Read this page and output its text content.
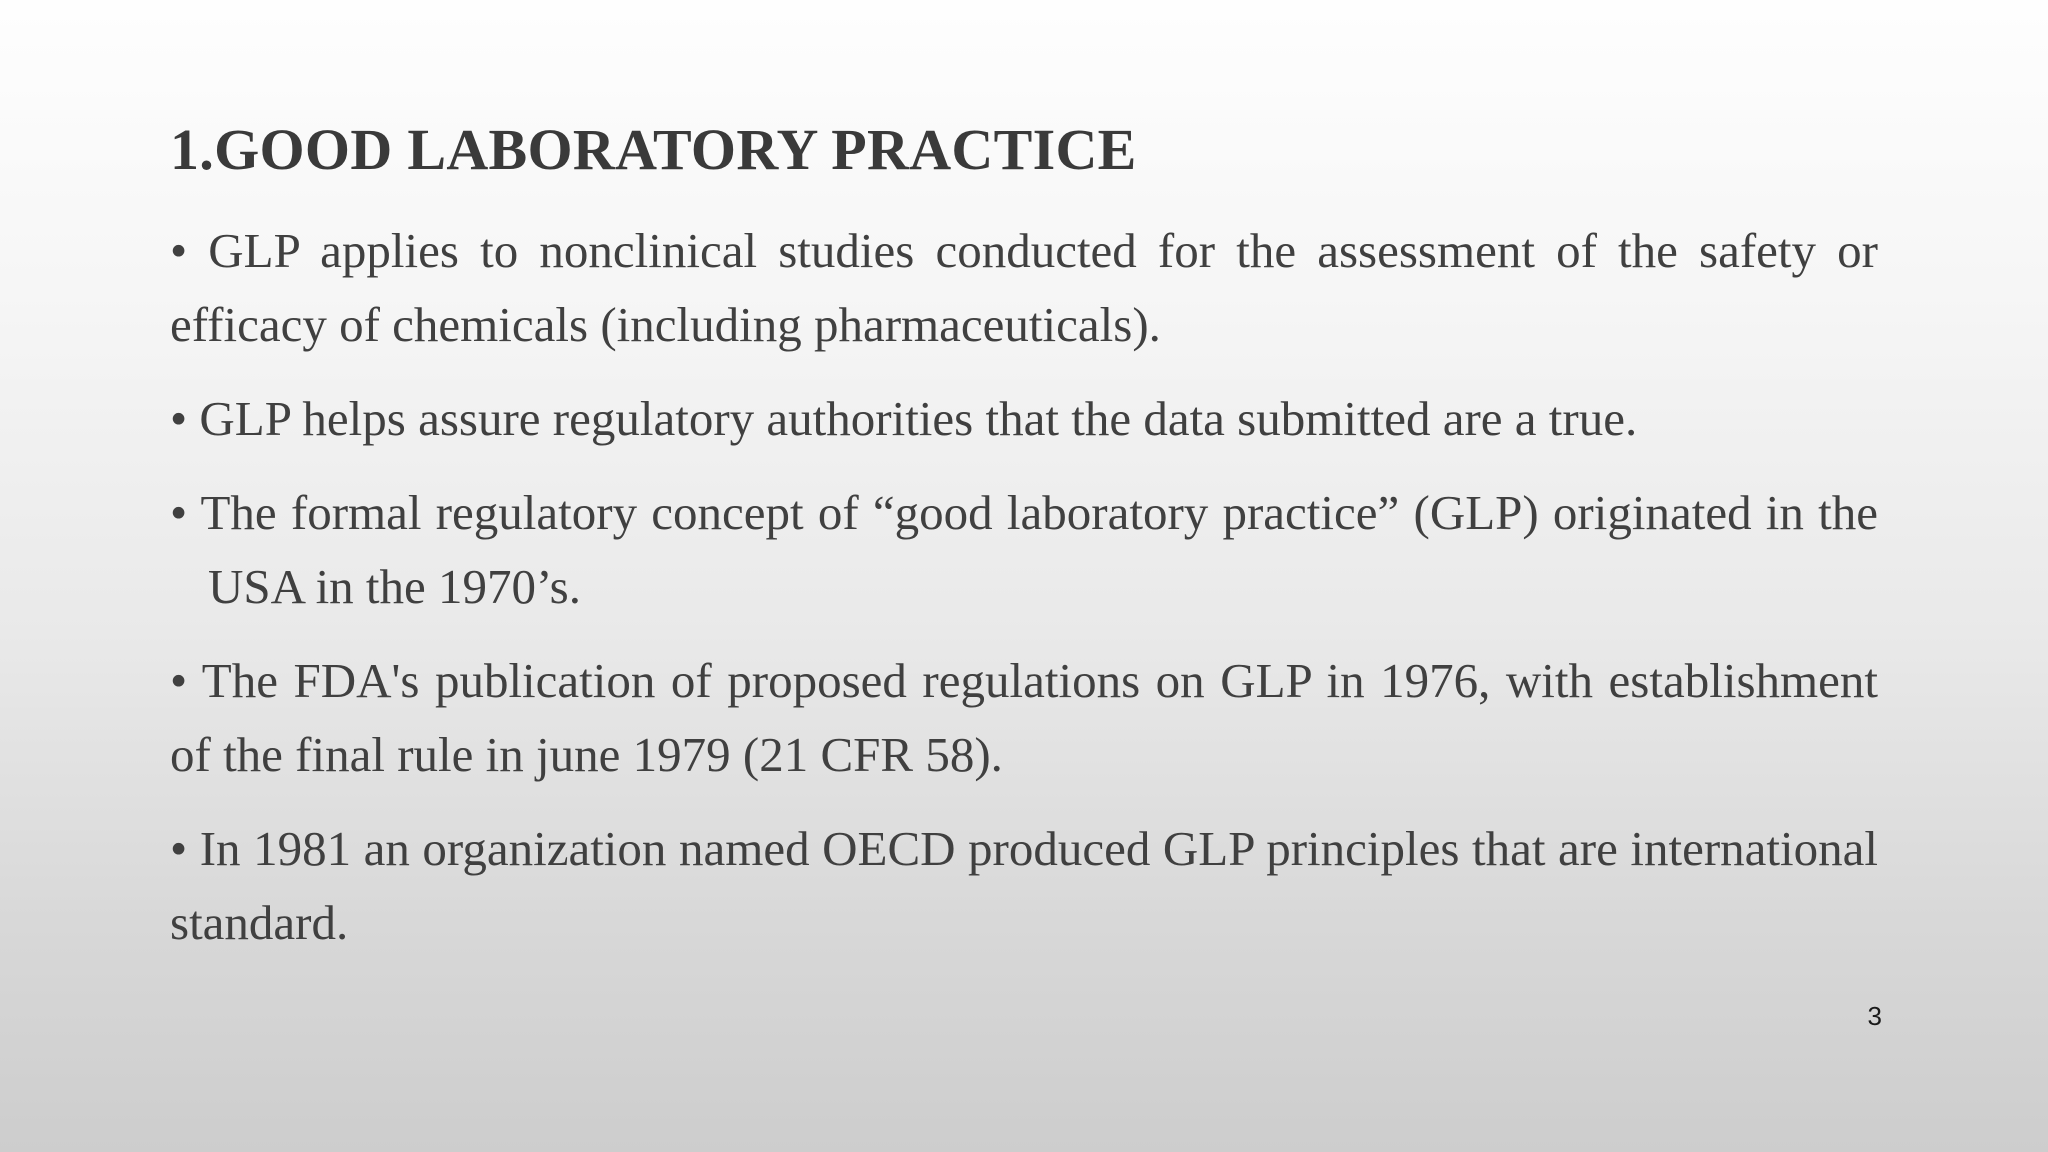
1.GOOD LABORATORY PRACTICE

• GLP applies to nonclinical studies conducted for the assessment of the safety or efficacy of chemicals (including pharmaceuticals).

• GLP helps assure regulatory authorities that the data submitted are a true.

• The formal regulatory concept of “good laboratory practice” (GLP) originated in the USA in the 1970’s.

• The FDA's publication of proposed regulations on GLP in 1976, with establishment of the final rule in june 1979 (21 CFR 58).

• In 1981 an organization named OECD produced GLP principles that are international standard.

3
